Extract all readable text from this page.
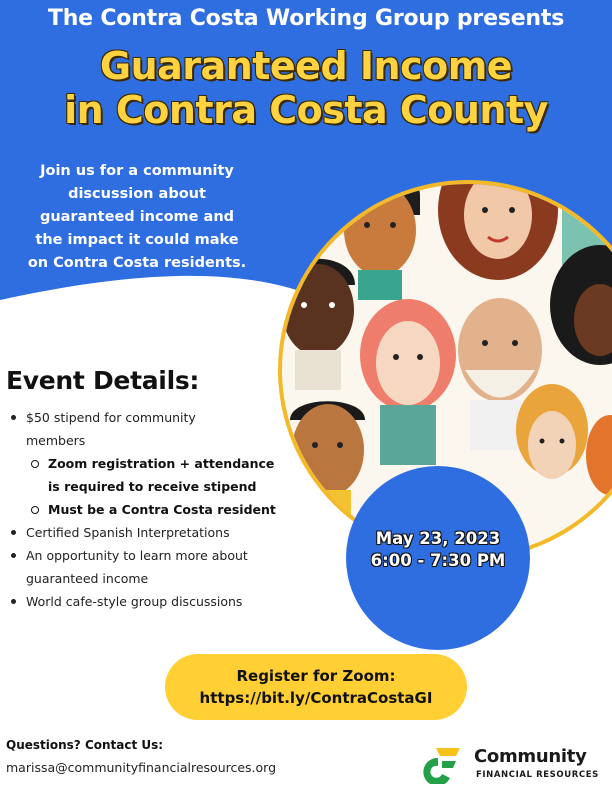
The Contra Costa Working Group presents
Guaranteed Income
in Contra Costa County
Join us for a community
discussion about
guaranteed income and
the impact it could make
on Contra Costa residents.
Event Details:
$50 stipend for community
members
Zoom registration + attendance
is required to receive stipend
Must be a Contra Costa resident
Certified Spanish Interpretations
An opportunity to learn more about
guaranteed income
World cafe-style group discussions
May 23, 2023
6:00 - 7:30 PM
Register for Zoom:
https://bit.ly/ContraCostaGI
Questions? Contact Us:
marissa@communityfinancialresources.org
Community
FINANCIAL RESOURCES
